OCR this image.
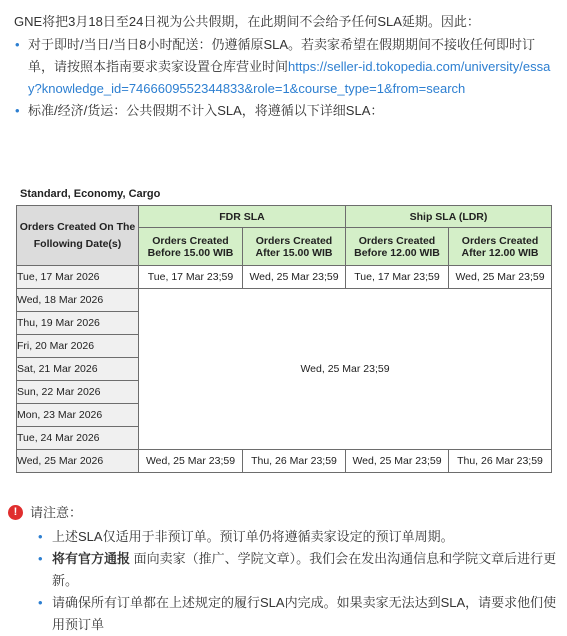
GNE将把3月18日至24日视为公共假期，在此期间不会给予任何SLA延期。因此：
• 对于即时/当日/当日8小时配送：仍遵循原SLA。若卖家希望在假期期间不接收任何即时订单，请按照本指南要求卖家设置仓库营业时间https://seller-id.tokopedia.com/university/essay?knowledge_id=7466609552344833&role=1&course_type=1&from=search
• 标准/经济/货运：公共假期不计入SLA，将遵循以下详细SLA：
Standard, Economy, Cargo
Orders Created On The Following Date(s)	FDR SLA		Ship SLA (LDR)	
	Orders Created Before 15.00 WIB	Orders Created After 15.00 WIB	Orders Created Before 12.00 WIB	Orders Created After 12.00 WIB
Tue, 17 Mar 2026	Tue, 17 Mar 23;59	Wed, 25 Mar 23;59	Tue, 17 Mar 23;59	Wed, 25 Mar 23;59
Wed, 18 Mar 2026	Wed, 25 Mar 23;59			
Thu, 19 Mar 2026				
Fri, 20 Mar 2026				
Sat, 21 Mar 2026				
Sun, 22 Mar 2026				
Mon, 23 Mar 2026				
Tue, 24 Mar 2026				
Wed, 25 Mar 2026	Wed, 25 Mar 23;59	Thu, 26 Mar 23;59	Wed, 25 Mar 23;59	Thu, 26 Mar 23;59
! 请注意：
• 上述SLA仅适用于非预订单。预订单仍将遵循卖家设定的预订单周期。
• 将有官方通报 面向卖家（推广、学院文章）。我们会在发出沟通信息和学院文章后进行更新。
• 请确保所有订单都在上述规定的履行SLA内完成。如果卖家无法达到SLA，请要求他们使用预订单
